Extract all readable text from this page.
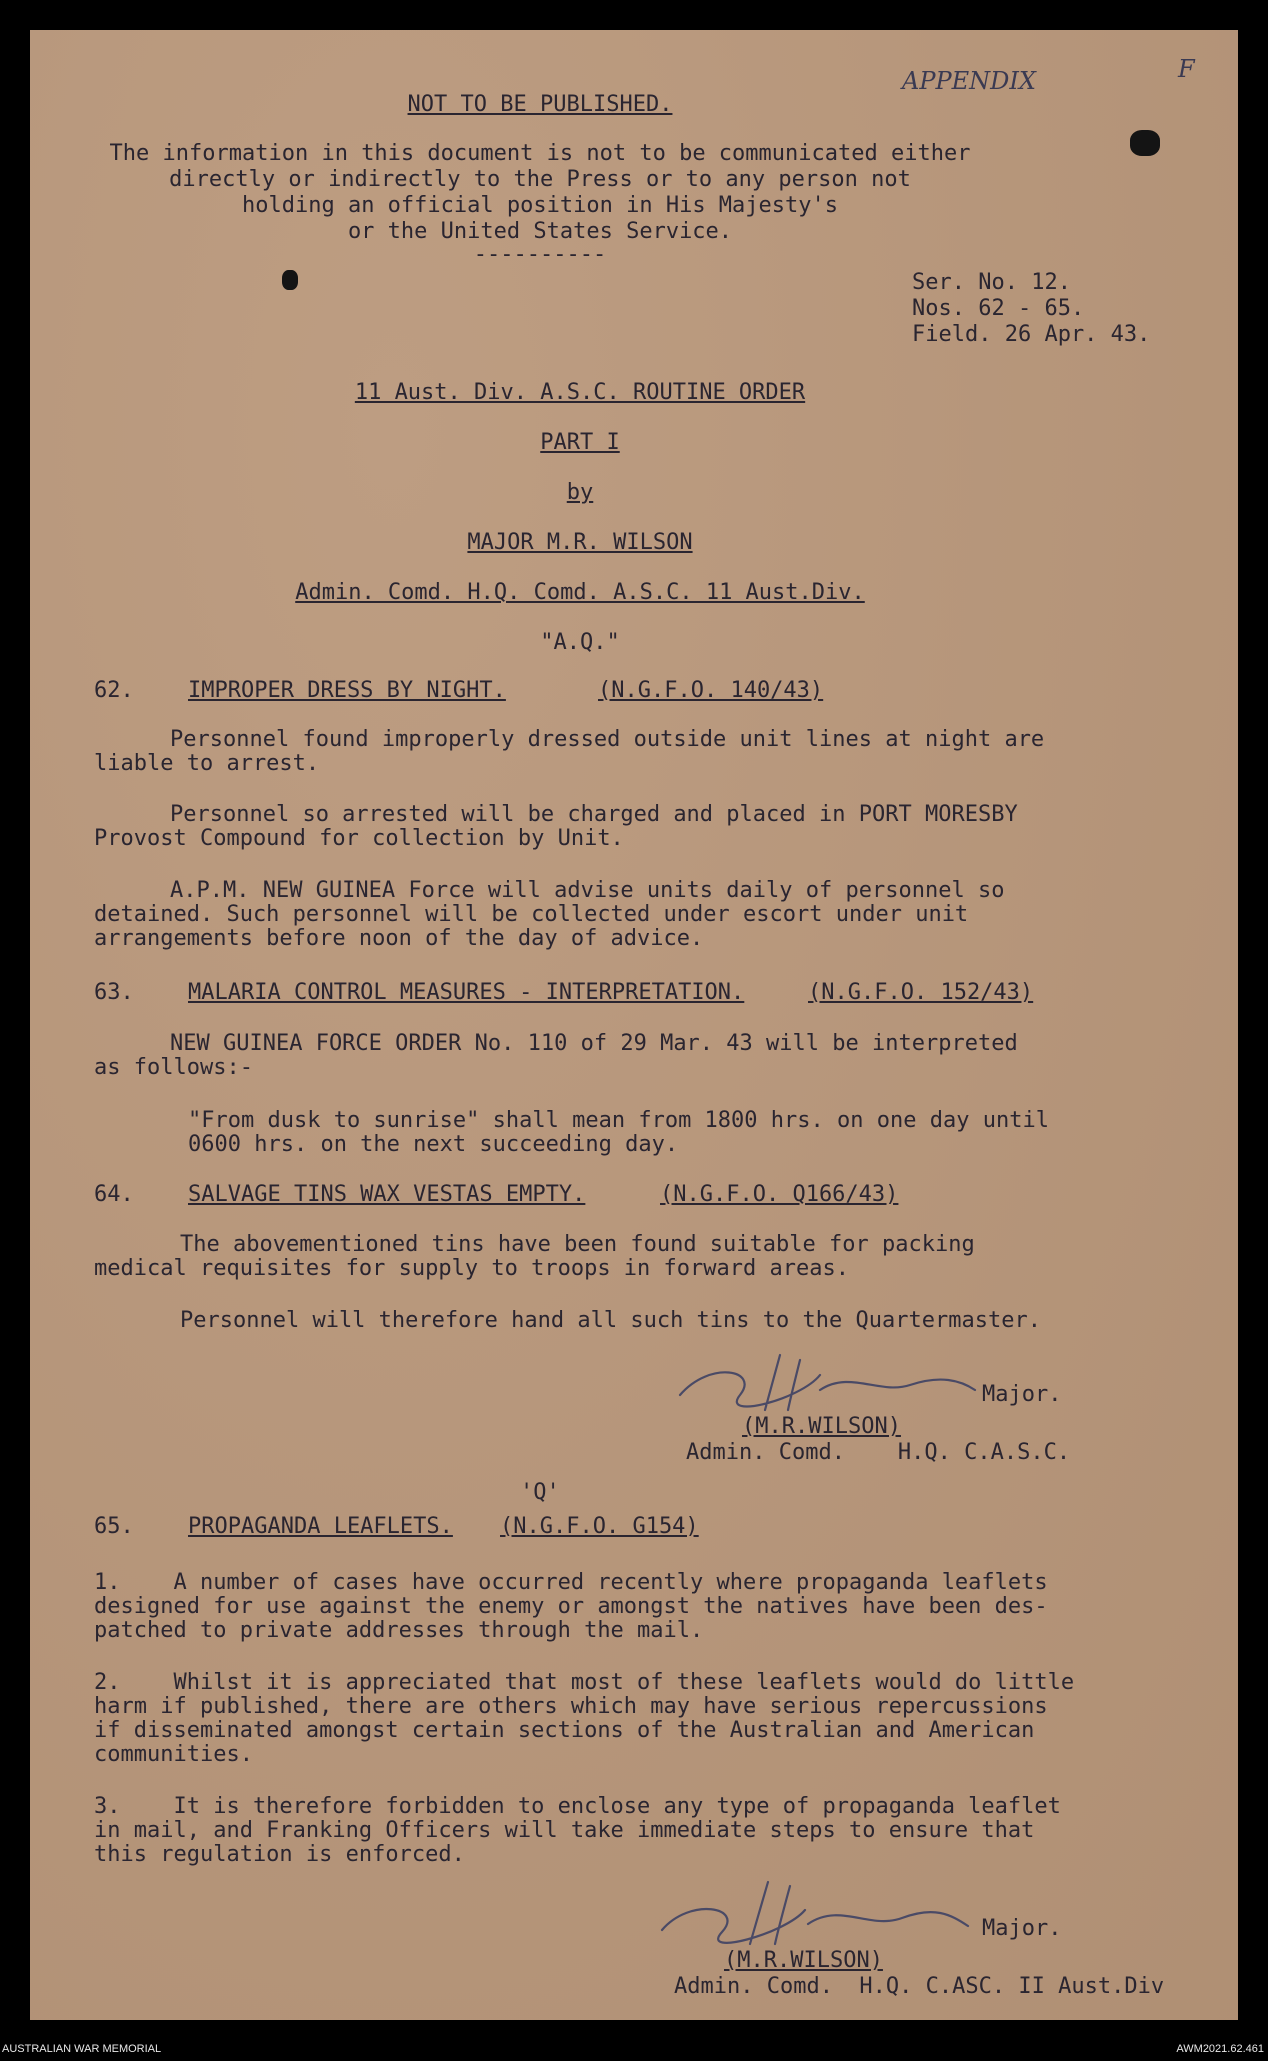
APPENDIX	F
NOT TO BE PUBLISHED.
The information in this document is not to be communicated either
directly or indirectly to the Press or to any person not
holding an official position in His Majesty's
or the United States Service.
----------
Ser. No. 12.
Nos. 62 - 65.
Field. 26 Apr. 43.
11 Aust. Div. A.S.C. ROUTINE ORDER
PART I
by
MAJOR M.R. WILSON
Admin. Comd. H.Q. Comd. A.S.C. 11 Aust.Div.
"A.Q."
62. IMPROPER DRESS BY NIGHT.	(N.G.F.O. 140/43)
Personnel found improperly dressed outside unit lines at night are
liable to arrest.
Personnel so arrested will be charged and placed in PORT MORESBY
Provost Compound for collection by Unit.
A.P.M. NEW GUINEA Force will advise units daily of personnel so
detained. Such personnel will be collected under escort under unit
arrangements before noon of the day of advice.
63. MALARIA CONTROL MEASURES - INTERPRETATION.	(N.G.F.O. 152/43)
NEW GUINEA FORCE ORDER No. 110 of 29 Mar. 43 will be interpreted
as follows:-
"From dusk to sunrise" shall mean from 1800 hrs. on one day until
0600 hrs. on the next succeeding day.
64. SALVAGE TINS WAX VESTAS EMPTY.	(N.G.F.O. Q166/43)
The abovementioned tins have been found suitable for packing
medical requisites for supply to troops in forward areas.
Personnel will therefore hand all such tins to the Quartermaster.
Major.
(M.R.WILSON)
Admin. Comd.    H.Q. C.A.S.C.
'Q'
65. PROPAGANDA LEAFLETS. (N.G.F.O. G154)
1.    A number of cases have occurred recently where propaganda leaflets
designed for use against the enemy or amongst the natives have been des-
patched to private addresses through the mail.
2.    Whilst it is appreciated that most of these leaflets would do little
harm if published, there are others which may have serious repercussions
if disseminated amongst certain sections of the Australian and American
communities.
3.    It is therefore forbidden to enclose any type of propaganda leaflet
in mail, and Franking Officers will take immediate steps to ensure that
this regulation is enforced.
Major.
(M.R.WILSON)
Admin. Comd.  H.Q. C.ASC. II Aust.Div
AUSTRALIAN WAR MEMORIAL	AWM2021.62.461
